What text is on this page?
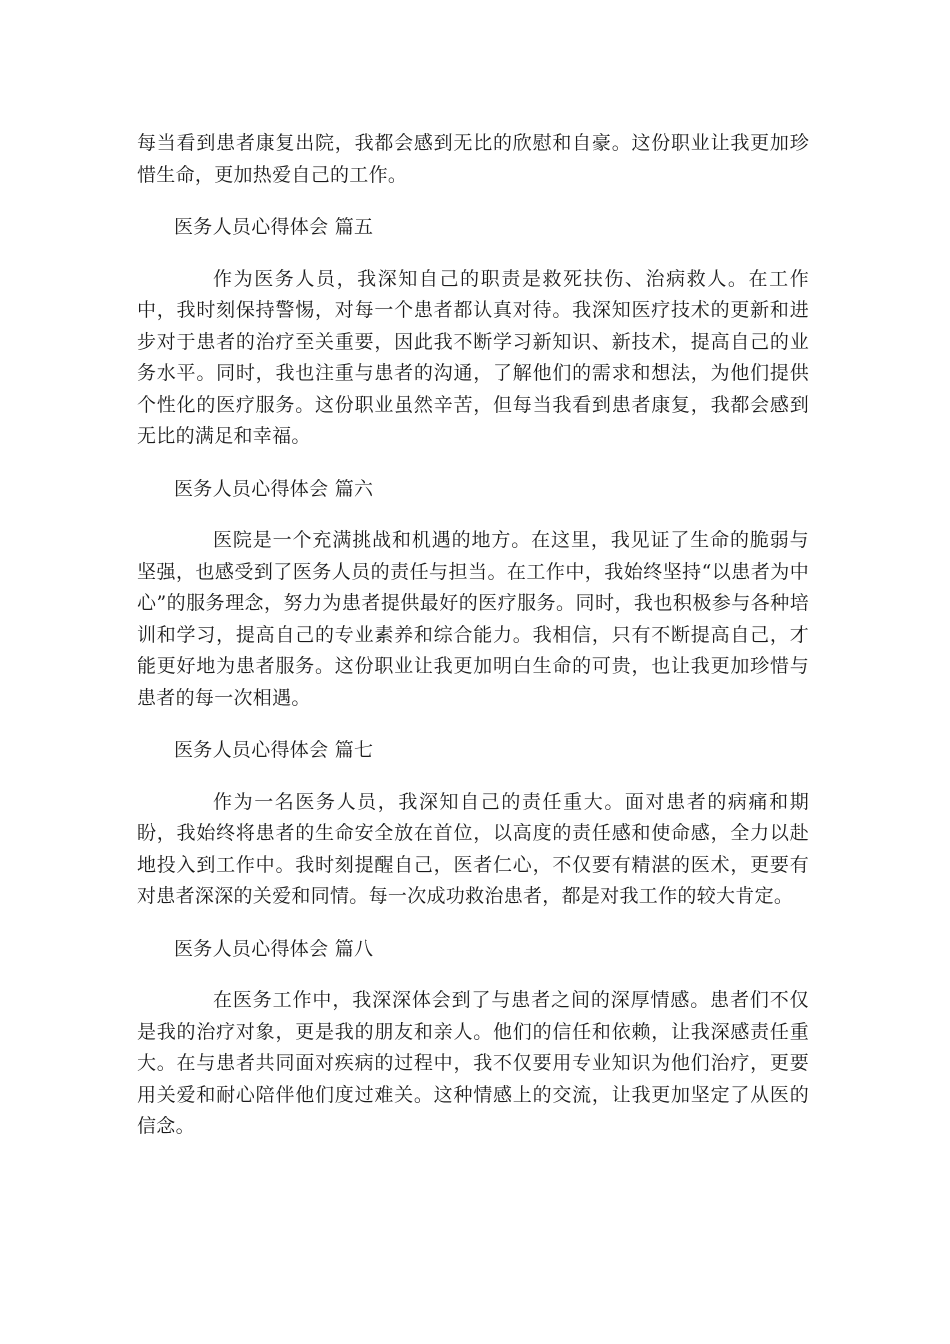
每当看到患者康复出院，我都会感到无比的欣慰和自豪。这份职业让我更加珍惜生命，更加热爱自己的工作。

医务人员心得体会 篇五

作为医务人员，我深知自己的职责是救死扶伤、治病救人。在工作中，我时刻保持警惕，对每一个患者都认真对待。我深知医疗技术的更新和进步对于患者的治疗至关重要，因此我不断学习新知识、新技术，提高自己的业务水平。同时，我也注重与患者的沟通，了解他们的需求和想法，为他们提供个性化的医疗服务。这份职业虽然辛苦，但每当我看到患者康复，我都会感到无比的满足和幸福。

医务人员心得体会 篇六

医院是一个充满挑战和机遇的地方。在这里，我见证了生命的脆弱与坚强，也感受到了医务人员的责任与担当。在工作中，我始终坚持“以患者为中心”的服务理念，努力为患者提供最好的医疗服务。同时，我也积极参与各种培训和学习，提高自己的专业素养和综合能力。我相信，只有不断提高自己，才能更好地为患者服务。这份职业让我更加明白生命的可贵，也让我更加珍惜与患者的每一次相遇。

医务人员心得体会 篇七

作为一名医务人员，我深知自己的责任重大。面对患者的病痛和期盼，我始终将患者的生命安全放在首位，以高度的责任感和使命感，全力以赴地投入到工作中。我时刻提醒自己，医者仁心，不仅要有精湛的医术，更要有对患者深深的关爱和同情。每一次成功救治患者，都是对我工作的较大肯定。

医务人员心得体会 篇八

在医务工作中，我深深体会到了与患者之间的深厚情感。患者们不仅是我的治疗对象，更是我的朋友和亲人。他们的信任和依赖，让我深感责任重大。在与患者共同面对疾病的过程中，我不仅要用专业知识为他们治疗，更要用关爱和耐心陪伴他们度过难关。这种情感上的交流，让我更加坚定了从医的信念。
